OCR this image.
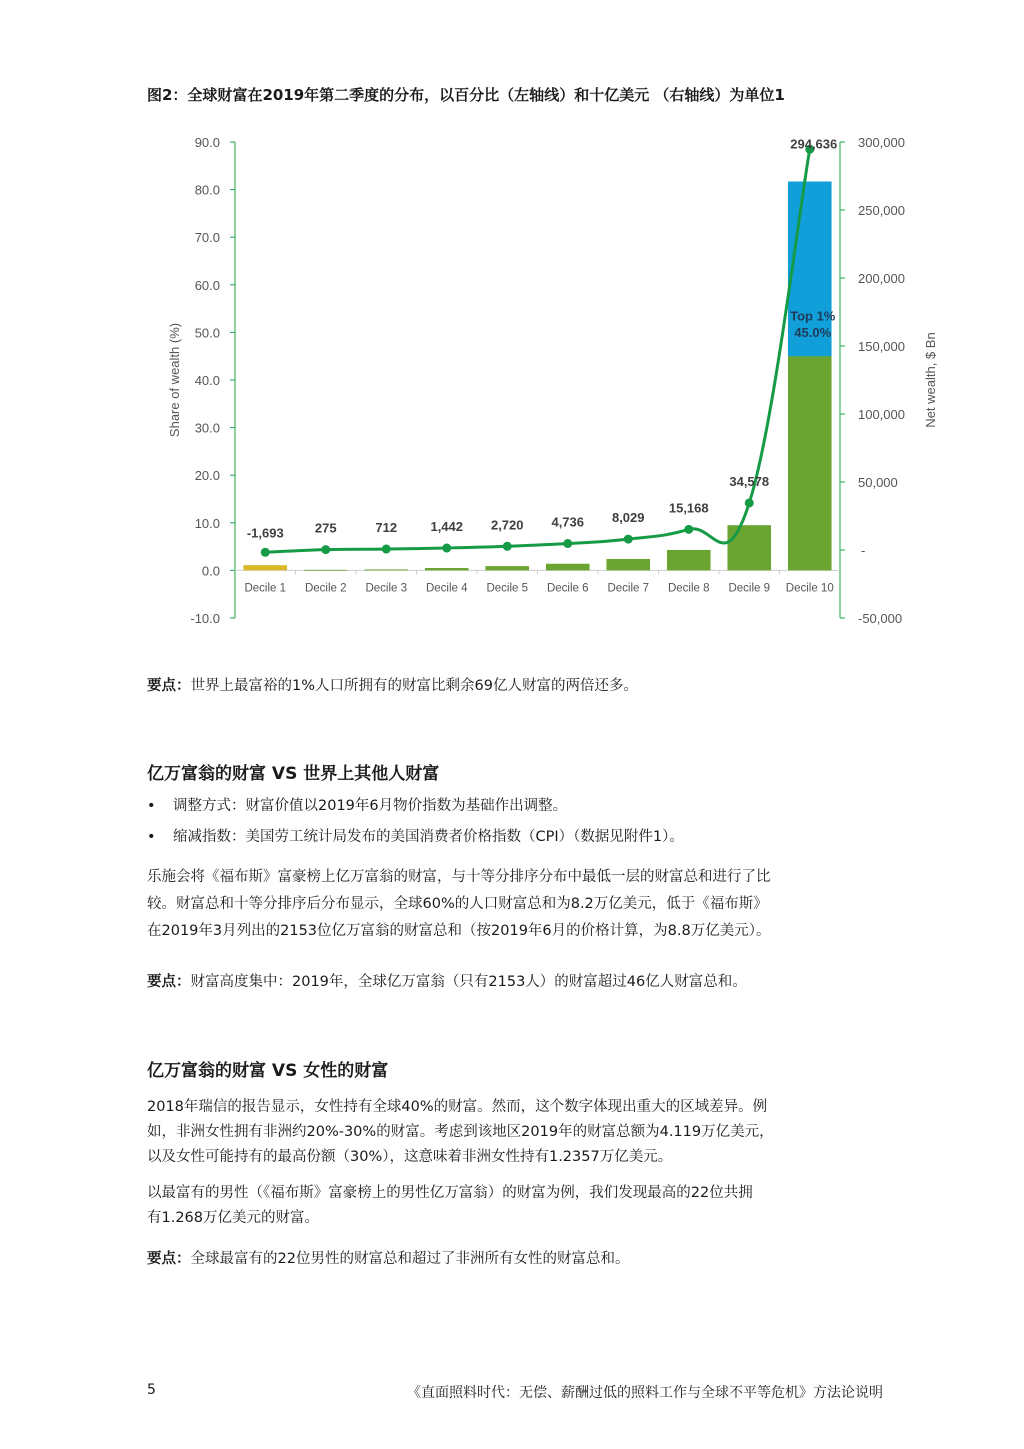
图2：全球财富在2019年第二季度的分布，以百分比（左轴线）和十亿美元 （右轴线）为单位1
90.0
80.0
70.0
60.0
50.0
40.0
30.0
20.0
10.0
0.0
-10.0
300,000
250,000
200,000
150,000
100,000
50,000
-
-50,000
Decile 1 Decile 2 Decile 3 Decile 4 Decile 5 Decile 6 Decile 7 Decile 8 Decile 9 Decile 10
Top 1%
45.0%
-1,693 275	712	1,442 2,720 4,736 8,029
15,168
34,578
294,636
Share of wealth (%)	Net wealth, $ Bn
要点：世界上最富裕的1%人口所拥有的财富比剩余69亿人财富的两倍还多。
亿万富翁的财富 VS 世界上其他人财富
• 调整方式：财富价值以2019年6月物价指数为基础作出调整。
• 缩减指数：美国劳工统计局发布的美国消费者价格指数（CPI）（数据见附件1）。
乐施会将《福布斯》富豪榜上亿万富翁的财富，与十等分排序分布中最低一层的财富总和进行了比
较。财富总和十等分排序后分布显示，全球60%的人口财富总和为8.2万亿美元，低于《福布斯》
在2019年3月列出的2153位亿万富翁的财富总和（按2019年6月的价格计算，为8.8万亿美元）。
要点：财富高度集中：2019年，全球亿万富翁（只有2153人）的财富超过46亿人财富总和。
亿万富翁的财富 VS 女性的财富
2018年瑞信的报告显示，女性持有全球40%的财富。然而，这个数字体现出重大的区域差异。例
如，非洲女性拥有非洲约20%-30%的财富。考虑到该地区2019年的财富总额为4.119万亿美元，
以及女性可能持有的最高份额（30%），这意味着非洲女性持有1.2357万亿美元。
以最富有的男性（《福布斯》富豪榜上的男性亿万富翁）的财富为例，我们发现最高的22位共拥
有1.268万亿美元的财富。
要点：全球最富有的22位男性的财富总和超过了非洲所有女性的财富总和。
5	《直面照料时代：无偿、薪酬过低的照料工作与全球不平等危机》方法论说明
